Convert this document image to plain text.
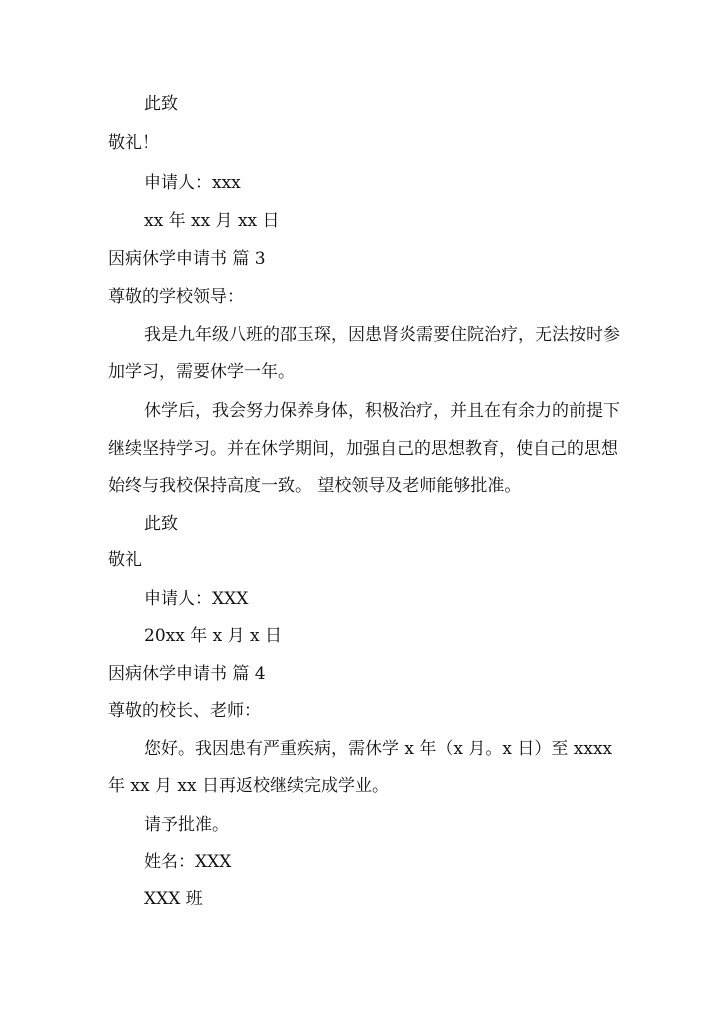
此致
敬礼！
申请人：xxx
xx 年 xx 月 xx 日
因病休学申请书 篇 3
尊敬的学校领导：
我是九年级八班的邵玉琛，因患肾炎需要住院治疗，无法按时参
加学习，需要休学一年。
休学后，我会努力保养身体，积极治疗，并且在有余力的前提下
继续坚持学习。并在休学期间，加强自己的思想教育，使自己的思想
始终与我校保持高度一致。 望校领导及老师能够批准。
此致
敬礼
申请人：XXX
20xx 年 x 月 x 日
因病休学申请书 篇 4
尊敬的校长、老师：
您好。我因患有严重疾病，需休学 x 年（x 月。x 日）至 xxxx
年 xx 月 xx 日再返校继续完成学业。
请予批准。
姓名：XXX
XXX 班
